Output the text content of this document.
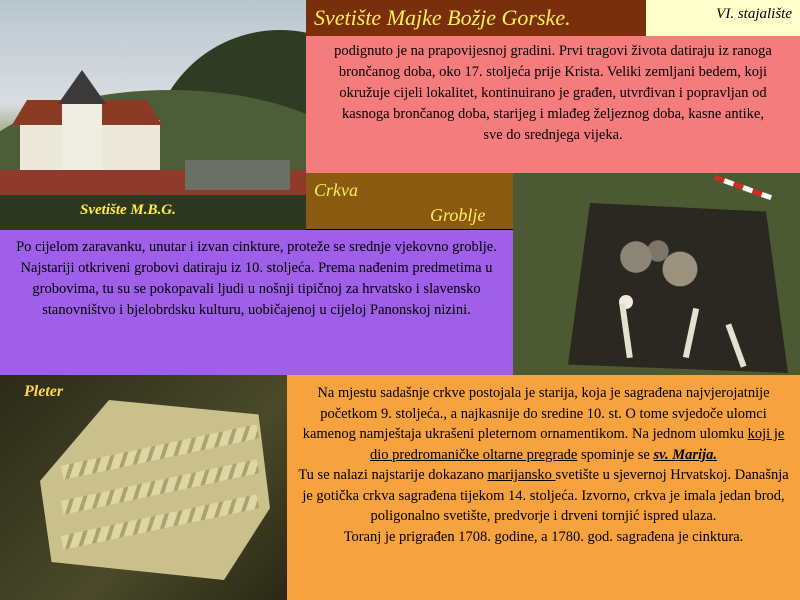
Svetište M.B.G.
Svetište Majke Božje Gorske.	VI. stajalište
podignuto je na prapovijesnoj gradini. Prvi tragovi života datiraju iz ranoga brončanog doba, oko 17. stoljeća prije Krista. Veliki zemljani bedem, koji okružuje cijeli lokalitet, kontinuirano je građen, utvrđivan i popravljan od kasnoga brončanog doba, starijeg i mlađeg željeznog doba, kasne antike,
sve do srednjega vijeka.
Crkva
Groblje
Po cijelom zaravanku, unutar i izvan cinkture, proteže se srednje vjekovno groblje. Najstariji otkriveni grobovi datiraju iz 10. stoljeća. Prema nađenim predmetima u grobovima, tu su se pokopavali ljudi u nošnji tipičnoj za hrvatsko i slavensko stanovništvo i bjelobrdsku kulturu, uobičajenoj u cijeloj Panonskoj nizini.
Pleter	Na mjestu sadašnje crkve postojala je starija, koja je sagrađena najvjerojatnije početkom 9. stoljeća., a najkasnije do sredine 10. st. O tome svjedoče ulomci kamenog namještaja ukrašeni pleternom ornamentikom. Na jednom ulomku koji je dio predromaničke oltarne pregrade spominje se sv. Marija.

Tu se nalazi najstarije dokazano marijansko svetište u sjevernoj Hrvatskoj. Današnja je gotička crkva sagrađena tijekom 14. stoljeća. Izvorno, crkva je imala jedan brod, poligonalno svetište, predvorje i drveni tornjić ispred ulaza.

Toranj je prigrađen 1708. godine, a 1780. god. sagrađena je cinktura.
